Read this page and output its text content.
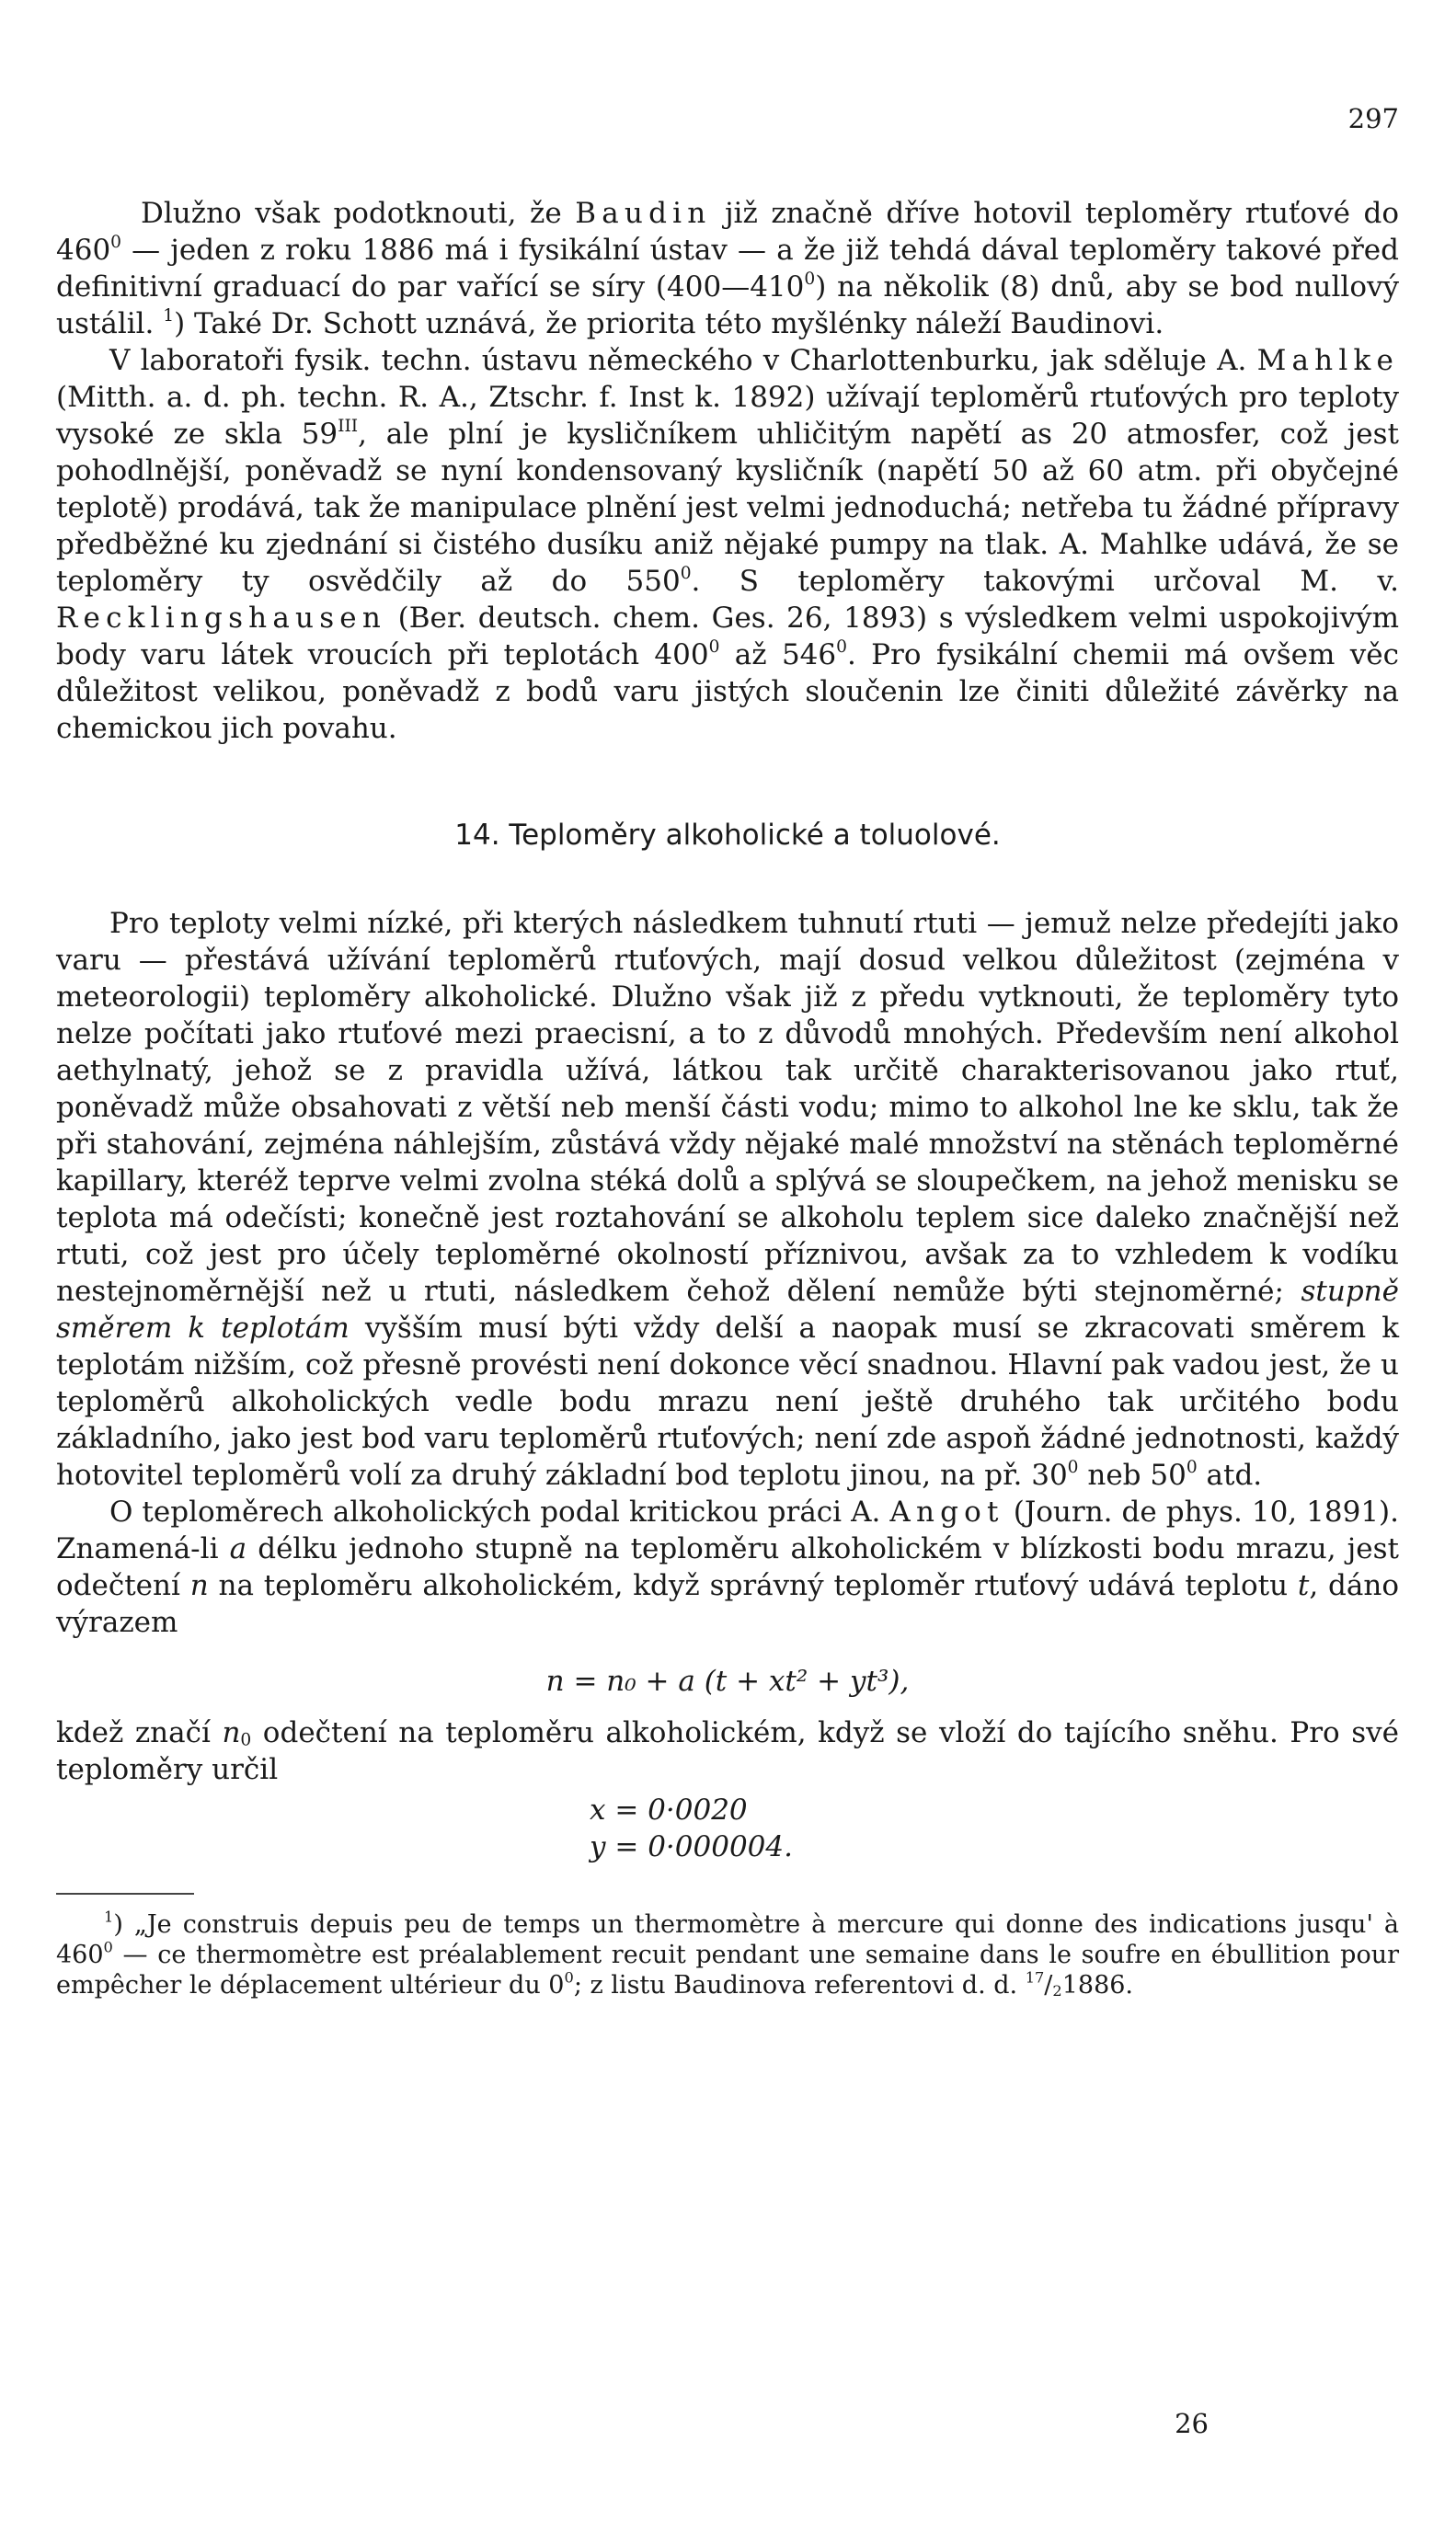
297

Dlužno však podotknouti, že Baudin již značně dříve hotovil teploměry rtuťové do $460^0$ — jeden z roku 1886 má i fysikální ústav — a že již tehdá dával teploměry takové před definitivní graduací do par vařící se síry $(400—410^0)$ na několik (8) dnů, aby se bod nullový ustálil. $^1$) Také Dr. Schott uznává, že priorita této myšlénky náleží Baudinovi.

V laboratoři fysik. techn. ústavu německého v Charlottenburku, jak sděluje A. Mahlke (Mitth. a. d. ph. techn. R. A., Ztschr. f. Inst k. 1892) užívají teploměrů rtuťových pro teploty vysoké ze skla $59^{III}$, ale plní je kysličníkem uhličitým napětí as 20 atmosfer, což jest pohodlnější, poněvadž se nyní kondensovaný kysličník (napětí 50 až 60 atm. při obyčejné teplotě) prodává, tak že manipulace plnění jest velmi jednoduchá; netřeba tu žádné přípravy předběžné ku zjednání si čistého dusíku aniž nějaké pumpy na tlak. A. Mahlke udává, že se teploměry ty osvědčily až do $550^0$. S teploměry takovými určoval M. v. Recklingshausen (Ber. deutsch. chem. Ges. 26, 1893) s výsledkem velmi uspokojivým body varu látek vroucích při teplotách $400^0$ až $546^0$. Pro fysikální chemii má ovšem věc důležitost velikou, poněvadž z bodů varu jistých sloučenin lze činiti důležité závěrky na chemickou jich povahu.

14. Teploměry alkoholické a toluolové.

Pro teploty velmi nízké, při kterých následkem tuhnutí rtuti — jemuž nelze předejíti jako varu — přestává užívání teploměrů rtuťových, mají dosud velkou důležitost (zejména v meteorologii) teploměry alkoholické. Dlužno však již z předu vytknouti, že teploměry tyto nelze počítati jako rtuťové mezi praecisní, a to z důvodů mnohých. Především není alkohol aethylnatý, jehož se z pravidla užívá, látkou tak určitě charakterisovanou jako rtuť, poněvadž může obsahovati z větší neb menší části vodu; mimo to alkohol lne ke sklu, tak že při stahování, zejména náhlejším, zůstává vždy nějaké malé množství na stěnách teploměrné kapillary, kteréž teprve velmi zvolna stéká dolů a splývá se sloupečkem, na jehož menisku se teplota má odečísti; konečně jest roztahování se alkoholu teplem sice daleko značnější než rtuti, což jest pro účely teploměrné okolností příznivou, avšak za to vzhledem k vodíku nestejnoměrnější než u rtuti, následkem čehož dělení nemůže býti stejnoměrné; stupně směrem k teplotám vyšším musí býti vždy delší a naopak musí se zkracovati směrem k teplotám nižším, což přesně provésti není dokonce věcí snadnou. Hlavní pak vadou jest, že u teploměrů alkoholických vedle bodu mrazu není ještě druhého tak určitého bodu základního, jako jest bod varu teploměrů rtuťových; není zde aspoň žádné jednotnosti, každý hotovitel teploměrů volí za druhý základní bod teplotu jinou, na př. $30^0$ neb $50^0$ atd.

O teploměrech alkoholických podal kritickou práci A. Angot (Journ. de phys. 10, 1891). Znamená-li a délku jednoho stupně na teploměru alkoholickém v blízkosti bodu mrazu, jest odečtení n na teploměru alkoholickém, když správný teploměr rtuťový udává teplotu t, dáno výrazem

n = n₀ + a (t + xt² + yt³),

kdež značí $n_0$ odečtení na teploměru alkoholickém, když se vloží do tajícího sněhu. Pro své teploměry určil

x = 0·0020
y = 0·000004.

$^1$) „Je construis depuis peu de temps un thermomètre à mercure qui donne des indications jusqu' à $460^0$ — ce thermomètre est préalablement recuit pendant une semaine dans le soufre en ébullition pour empêcher le déplacement ultérieur du $0^0$; z listu Baudinova referentovi d. d. $^{17}/_21886$.

26
